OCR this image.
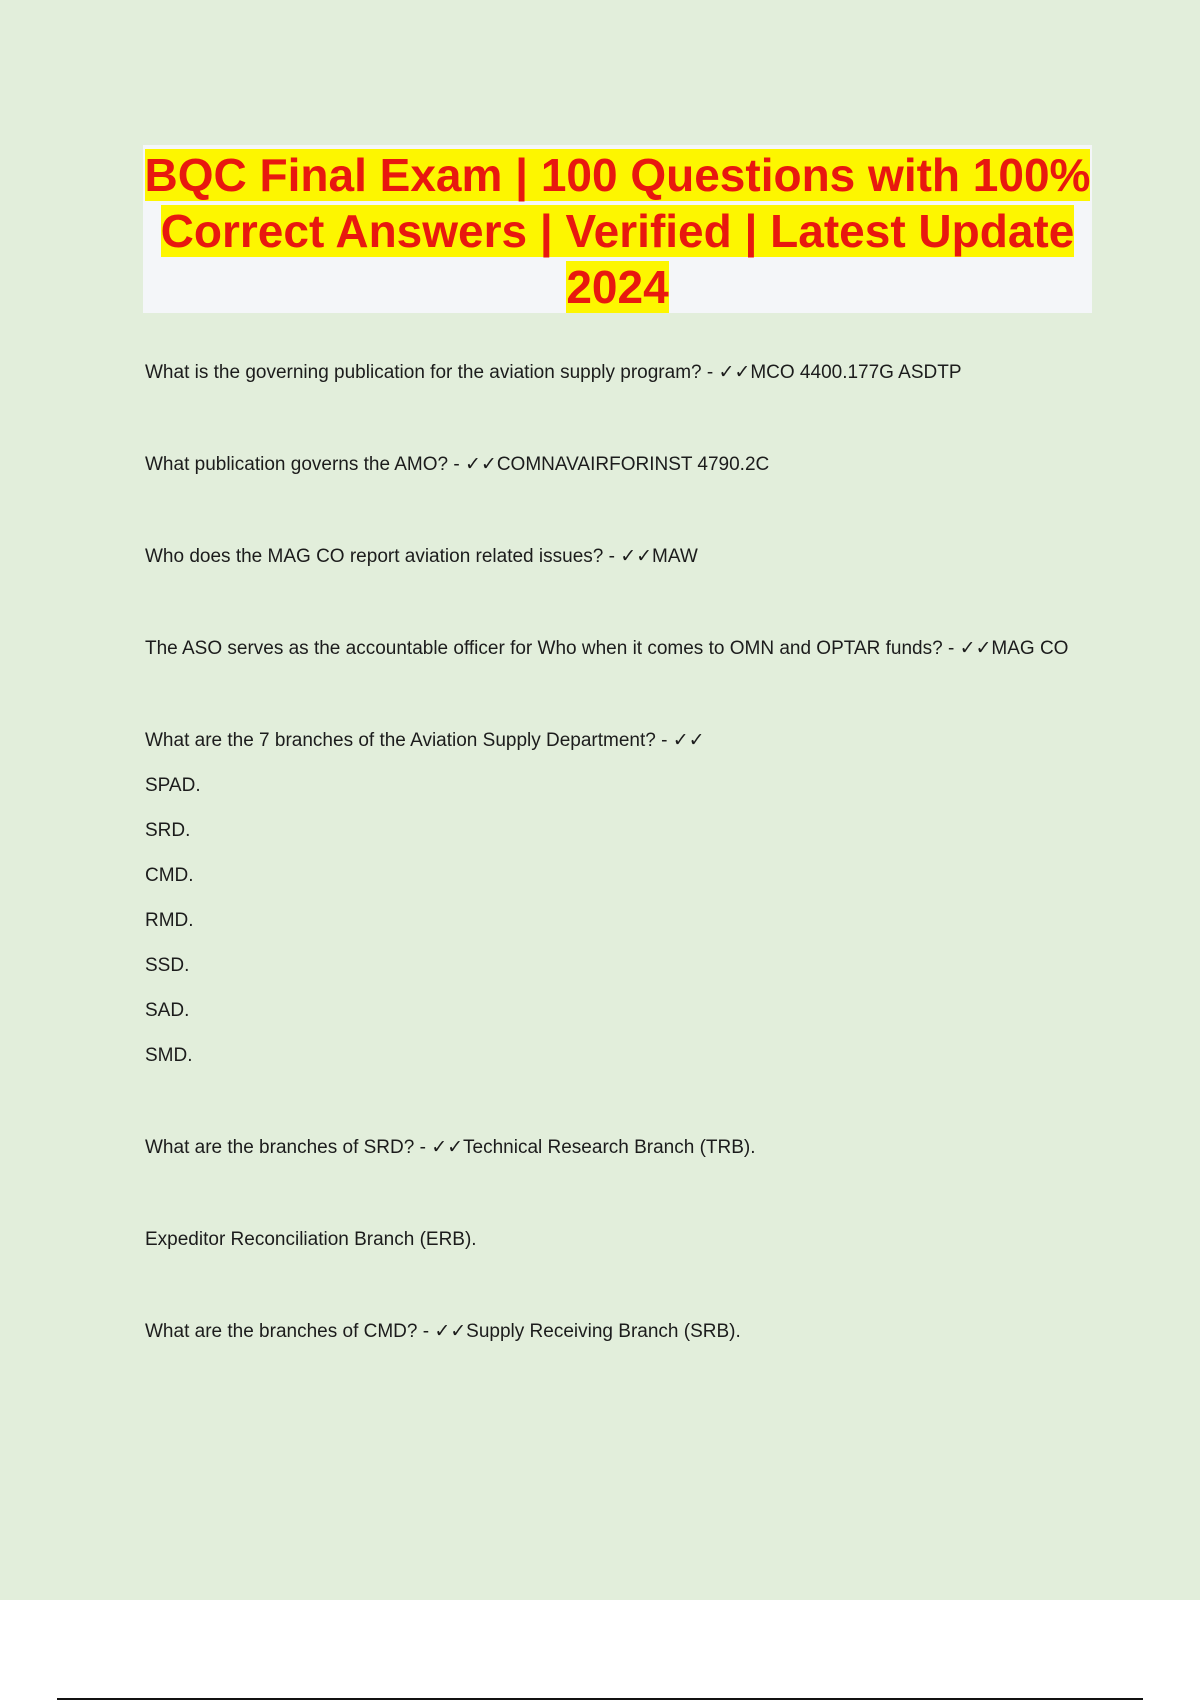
BQC Final Exam | 100 Questions with 100% Correct Answers | Verified | Latest Update 2024

What is the governing publication for the aviation supply program? - ✓✓MCO 4400.177G ASDTP

What publication governs the AMO? - ✓✓COMNAVAIRFORINST 4790.2C

Who does the MAG CO report aviation related issues? - ✓✓MAW

The ASO serves as the accountable officer for Who when it comes to OMN and OPTAR funds? - ✓✓MAG CO

What are the 7 branches of the Aviation Supply Department? - ✓✓

SPAD.

SRD.

CMD.

RMD.

SSD.

SAD.

SMD.

What are the branches of SRD? - ✓✓Technical Research Branch (TRB).

Expeditor Reconciliation Branch (ERB).

What are the branches of CMD? - ✓✓Supply Receiving Branch (SRB).
